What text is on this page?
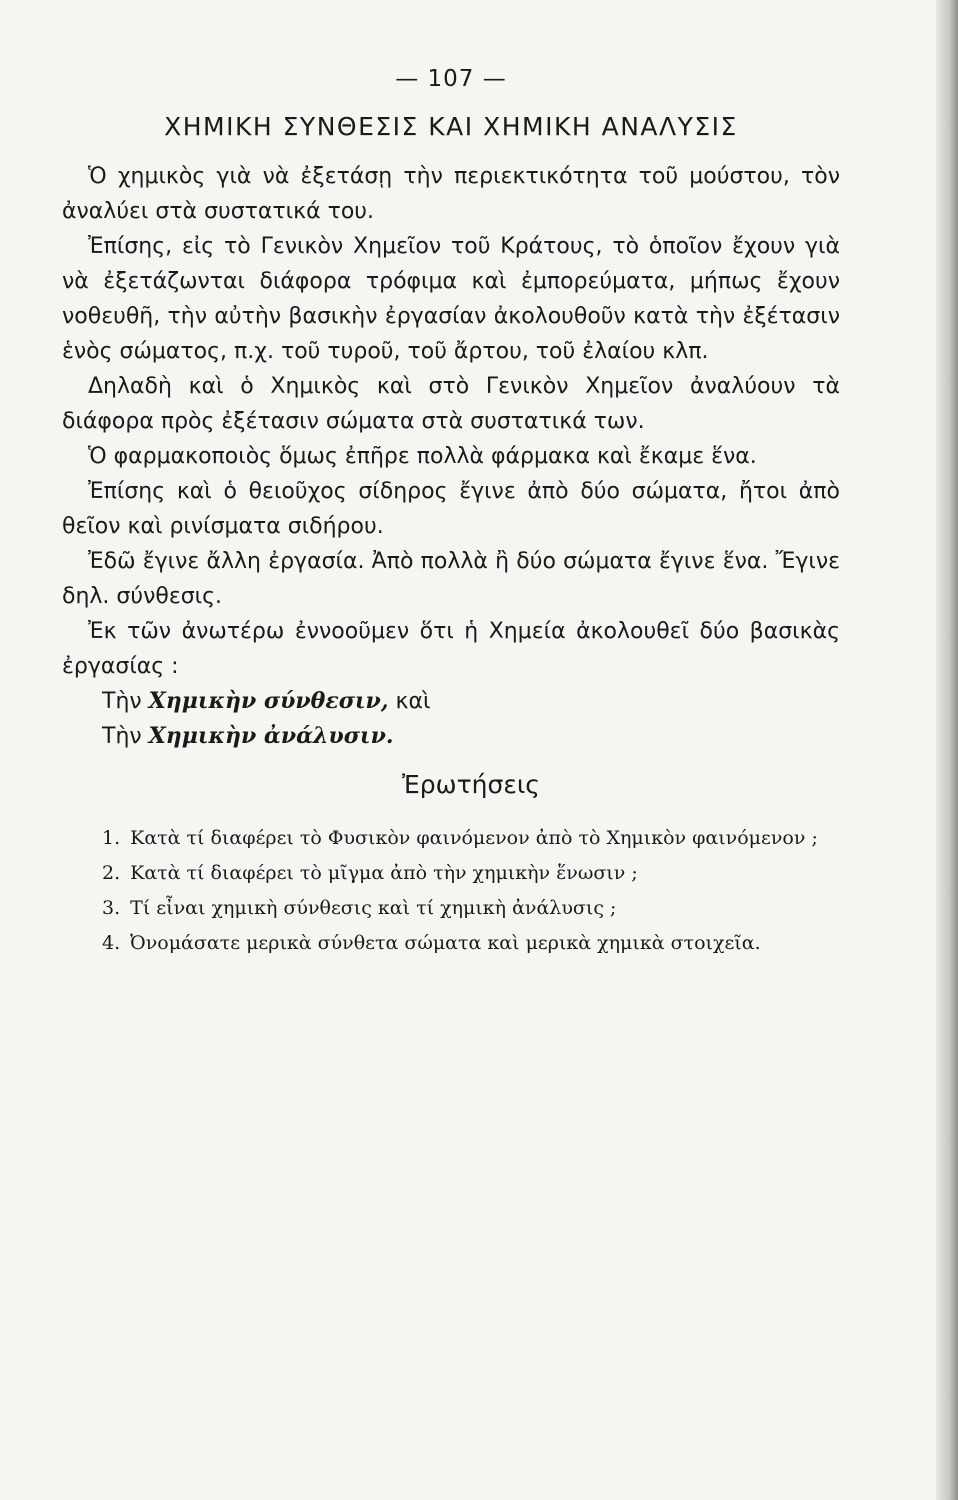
— 107 —
ΧΗΜΙΚΗ ΣΥΝΘΕΣΙΣ ΚΑΙ ΧΗΜΙΚΗ ΑΝΑΛΥΣΙΣ

Ὁ χημικὸς γιὰ νὰ ἐξετάσῃ τὴν περιεκτικότητα τοῦ μούστου, τὸν ἀναλύει στὰ συστατικά του.

Ἐπίσης, εἰς τὸ Γενικὸν Χημεῖον τοῦ Κράτους, τὸ ὁποῖον ἔχουν γιὰ νὰ ἐξετάζωνται διάφορα τρόφιμα καὶ ἐμπορεύματα, μήπως ἔχουν νοθευθῆ, τὴν αὐτὴν βασικὴν ἐργασίαν ἀκολουθοῦν κατὰ τὴν ἐξέτασιν ἑνὸς σώματος, π.χ. τοῦ τυροῦ, τοῦ ἄρτου, τοῦ ἐλαίου κλπ.

Δηλαδὴ καὶ ὁ Χημικὸς καὶ στὸ Γενικὸν Χημεῖον ἀναλύουν τὰ διάφορα πρὸς ἐξέτασιν σώματα στὰ συστατικά των.

Ὁ φαρμακοποιὸς ὅμως ἐπῆρε πολλὰ φάρμακα καὶ ἔκαμε ἕνα.

Ἐπίσης καὶ ὁ θειοῦχος σίδηρος ἔγινε ἀπὸ δύο σώματα, ἤτοι ἀπὸ θεῖον καὶ ρινίσματα σιδήρου.

Ἐδῶ ἔγινε ἄλλη ἐργασία. Ἀπὸ πολλὰ ἢ δύο σώματα ἔγινε ἕνα. Ἔγινε δηλ. σύνθεσις.

Ἐκ τῶν ἀνωτέρω ἐννοοῦμεν ὅτι ἡ Χημεία ἀκολουθεῖ δύο βασικὰς ἐργασίας :

Τὴν Χημικὴν σύνθεσιν, καὶ
Τὴν Χημικὴν ἀνάλυσιν.
Ἐρωτήσεις
1. Κατὰ τί διαφέρει τὸ Φυσικὸν φαινόμενον ἀπὸ τὸ Χημικὸν φαινόμενον ;
2. Κατὰ τί διαφέρει τὸ μῖγμα ἀπὸ τὴν χημικὴν ἕνωσιν ;
3. Τί εἶναι χημικὴ σύνθεσις καὶ τί χημικὴ ἀνάλυσις ;
4. Ὀνομάσατε μερικὰ σύνθετα σώματα καὶ μερικὰ χημικὰ στοιχεῖα.
